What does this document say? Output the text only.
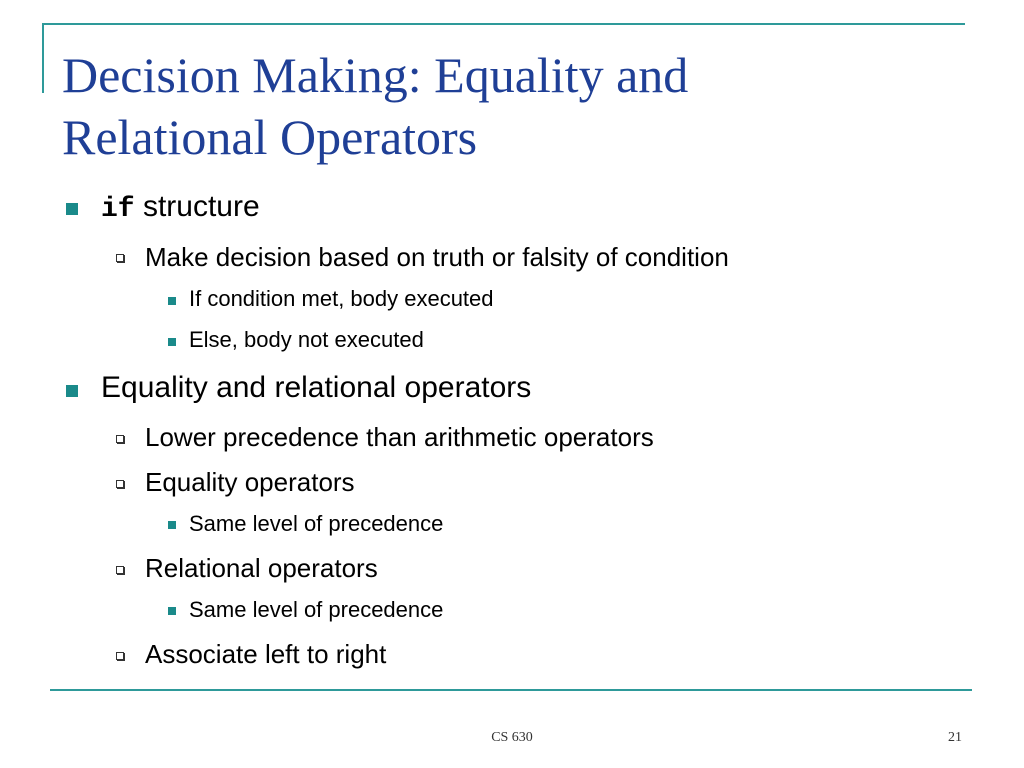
Decision Making: Equality and
Relational Operators
if structure
Make decision based on truth or falsity of condition
If condition met, body executed
Else, body not executed
Equality and relational operators
Lower precedence than arithmetic operators
Equality operators
Same level of precedence
Relational operators
Same level of precedence
Associate left to right
CS 630	21
